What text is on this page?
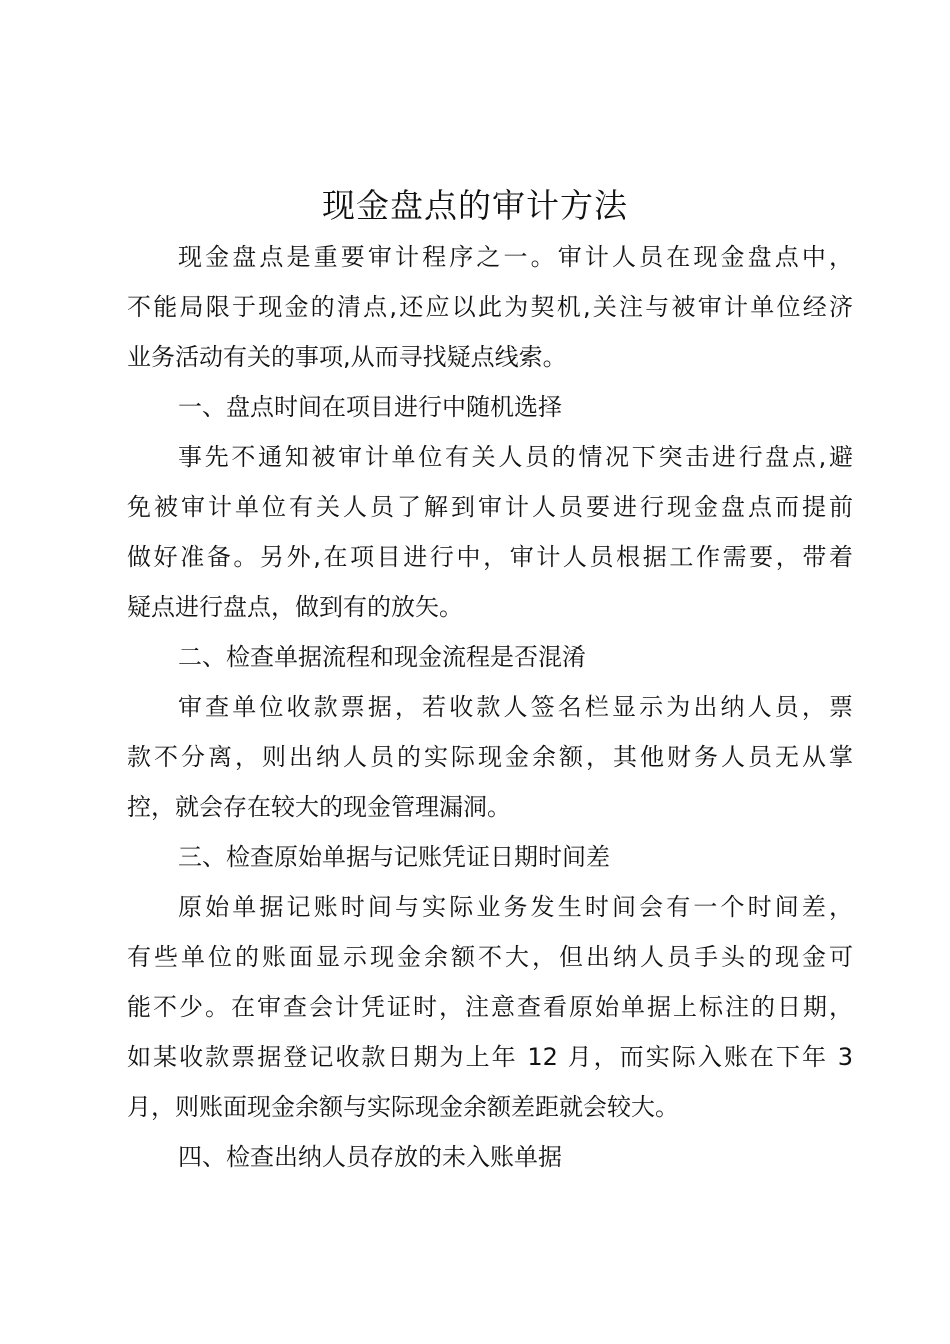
现金盘点的审计方法
现金盘点是重要审计程序之一。审计人员在现金盘点中，
不能局限于现金的清点,还应以此为契机,关注与被审计单位经济
业务活动有关的事项,从而寻找疑点线索。
一、盘点时间在项目进行中随机选择
事先不通知被审计单位有关人员的情况下突击进行盘点,避
免被审计单位有关人员了解到审计人员要进行现金盘点而提前
做好准备。另外,在项目进行中，审计人员根据工作需要，带着
疑点进行盘点，做到有的放矢。
二、检查单据流程和现金流程是否混淆
审查单位收款票据，若收款人签名栏显示为出纳人员，票
款不分离，则出纳人员的实际现金余额，其他财务人员无从掌
控，就会存在较大的现金管理漏洞。
三、检查原始单据与记账凭证日期时间差
原始单据记账时间与实际业务发生时间会有一个时间差，
有些单位的账面显示现金余额不大，但出纳人员手头的现金可
能不少。在审查会计凭证时，注意查看原始单据上标注的日期，
如某收款票据登记收款日期为上年 12 月，而实际入账在下年 3
月，则账面现金余额与实际现金余额差距就会较大。
四、检查出纳人员存放的未入账单据
